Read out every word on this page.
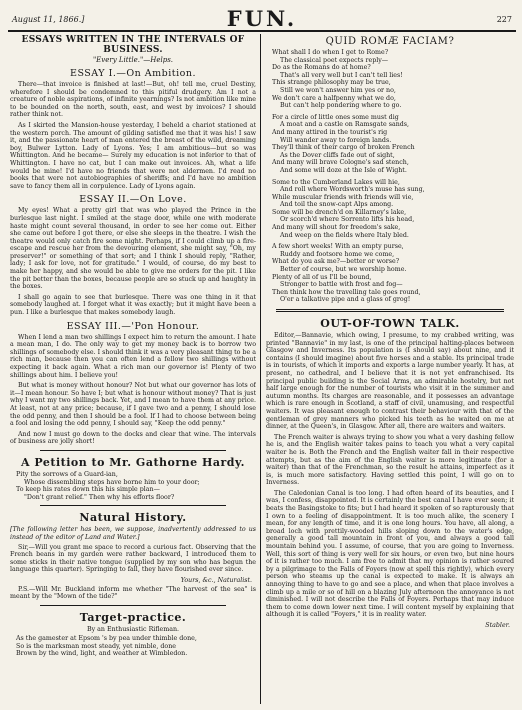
August 11, 1866.]	FUN.	227
ESSAYS WRITTEN IN THE INTERVALS OF BUSINESS.
"Every Little."—Helps.
ESSAY I.—On Ambition.

There—that invoice is finished at last!—But, oh! tell me, cruel Destiny, wherefore I should be condemned to this pitiful drudgery. Am I not a creature of noble aspirations, of infinite yearnings? Is not ambition like mine to be bounded on the north, south, east, and west by invoices? I should rather think not.

As I skirted the Mansion-house yesterday, I beheld a chariot stationed at the western porch. The amount of gilding satisfied me that it was his! I saw it, and the passionate heart of man entered the breast of the wild, dreaming boy, Bulwer Lytton. Lady of Lyons. Yes; I am ambitious—but so was Whittington. And he became— Surely my education is not inferior to that of Whittington. I have no cat, but I can make out invoices. Ah, what a life would be mine! I'd have no friends that were not aldermen. I'd read no books that were not autobiographies of sheriffs; and I'd have no ambition save to fancy them all in corpulence. Lady of Lyons again.

ESSAY II.—On Love.

My eyes! What a pretty girl that was who played the Prince in the burlesque last night. I smiled at the stage door, while one with moderate haste might count several thousand, in order to see her come out. Either she came out before I got there, or else she sleeps in the theatre. I wish the theatre would only catch fire some night. Perhaps, if I could climb up a fire-escape and rescue her from the devouring element, she might say, "Oh, my preserver!" or something of that sort; and I think I should reply, "Rather, lady; I ask for love, not for gratitude." I would, of course, do my best to make her happy, and she would be able to give me orders for the pit. I like the pit better than the boxes, because people are so stuck up and haughty in the boxes.

I shall go again to see that burlesque. There was one thing in it that somebody laughed at. I forget what it was exactly; but it might have been a pun. I like a burlesque that makes somebody laugh.

ESSAY III.—'Pon Honour.

When I lend a man two shillings I expect him to return the amount. I hate a mean man, I do. The only way to get my money back is to borrow two shillings of somebody else. I should think it was a very pleasant thing to be a rich man, because then you can often lend a fellow two shillings without expecting it back again. What a rich man our governor is! Plenty of two shillings about him. I believe you!

But what is money without honour? Not but what our governor has lots of it—I mean honour. So have I; but what is honour without money? That is just why I want my two shillings back. Yet, and I mean to have them at any price. At least, not at any price; because, if I gave two and a penny, I should lose the odd penny, and then I should be a fool. If I had to choose between being a fool and losing the odd penny, I should say, "Keep the odd penny."

And now I must go down to the docks and clear that wine. The intervals of business are jolly short!

A Petition to Mr. Gathorne Hardy.
Pity the sorrows of a Guard-ian,
Whose dissembling steps have borne him to your door;
To keep his rates down this his simple plan—
"Don't grant relief." Then why his efforts floor?
Natural History.
[The following letter has been, we suppose, inadvertently addressed to us instead of the editor of Land and Water.]

Sir,—Will you grant me space to record a curious fact. Observing that the French beans in my garden were rather backward, I introduced them to some sticks in their native tongue (supplied by my son who has begun the language this quarter). Springing to fall, they have flourished ever since.

Yours, &c., Naturalist.

P.S.—Will Mr. Buckland inform me whether "The harvest of the sea" is meant by the "Mown of the tide?"

Target-practice.
By an Enthusiastic Rifleman.
As the gamester at Epsom 's by pea under thimble done,
So is the marksman most steady, yet nimble, done
Brown by the wind, light, and weather at Wimbledon.
QUID ROMÆ FACIAM?
What shall I do when I get to Rome?
The classical poet expects reply—
Do as the Romans do at home?
That's all very well but I can't tell lies!
This strange philosophy may be true,
Still we won't answer him yes or no,
We don't care a halfpenny what we do,
But can't help pondering where to go.
For a circle of little ones some must dig
A moat and a castle on Ramsgate sands,
And many attired in the tourist's rig
Will wander away to foreign lands.
They'll think of their cargo of broken French
As the Dover cliffs fade out of sight,
And many will brave Cologne's sad stench,
And some will doze at the Isle of Wight.
Some to the Cumberland Lakes will hie,
And roll where Wordsworth's muse has sung,
While muscular friends with friends will vie,
And toil the snow-capt Alps among.
Some will be drench'd on Killarney's lake,
Or scorch'd where Sorrento lifts his head,
And many will shout for freedom's sake,
And weep on the fields where Italy bled.
A few short weeks! With an empty purse,
Ruddy and footsore home we come,
What do you ask me?—better or worse?
Better of course, but we worship home.
Plenty of all of us I'll be bound,
Stronger to battle with frost and fog—
Then think how the travelling tale goes round,
O'er a talkative pipe and a glass of grog!
OUT-OF-TOWN TALK.

Editor,—Bannavie, which owing, I presume, to my crabbed writing, was printed "Bannavie" in my last, is one of the principal halting-places between Glasgow and Inverness. Its population is (I should say) about nine, and it contains (I should imagine) about five horses and a stable. Its principal trade is in tourists, of which it imports and exports a large number yearly. It has, at present, no cathedral, and I believe that it is not yet enfranchised. Its principal public building is the Social Arms, an admirable hostelry, but not half large enough for the number of tourists who visit it in the summer and autumn months. Its charges are reasonable, and it possesses an advantage which is rare enough in Scotland, a staff of civil, unamusing, and respectful waiters. It was pleasant enough to contrast their behaviour with that of the gentleman of grey manners who picked his teeth as he waited on me at dinner, at the Queen's, in Glasgow. After all, there are waiters and waiters.

The French waiter is always trying to show you what a very dashing fellow he is, and the English waiter takes pains to teach you what a very capital waiter he is. Both the French and the English waiter fall in their respective attempts, but as the aim of the English waiter is more legitimate (for a waiter) than that of the Frenchman, so the result he attains, imperfect as it is, is much more satisfactory. Having settled this point, I will go on to Inverness.

The Caledonian Canal is too long. I had often heard of its beauties, and I was, I confess, disappointed. It is certainly the best canal I have ever seen; it beats the Basingstoke to fits; but I had heard it spoken of so rapturously that I own to a feeling of disappointment. It is too much alike, the scenery I mean, for any length of time, and it is one long hours. You have, all along, a broad loch with prettily-wooded hills sloping down to the water's edge, generally a good tall mountain in front of you, and always a good tall mountain behind you. I assume, of course, that you are going to Inverness. Well, this sort of thing is very well for six hours, or even two, but nine hours of it is rather too much. I am free to admit that my opinion is rather soured by a pilgrimage to the Falls of Foyers (now at spell this rightly), which every person who steams up the canal is expected to make. It is always an annoying thing to have to go and see a place, and when that place involves a climb up a mile or so of hill on a blazing July afternoon the annoyance is not diminished. I will not describe the Falls of Foyers. Perhaps that may induce them to come down lower next time. I will content myself by explaining that although it is called "Foyers," it is in reality water.

Stabler.
